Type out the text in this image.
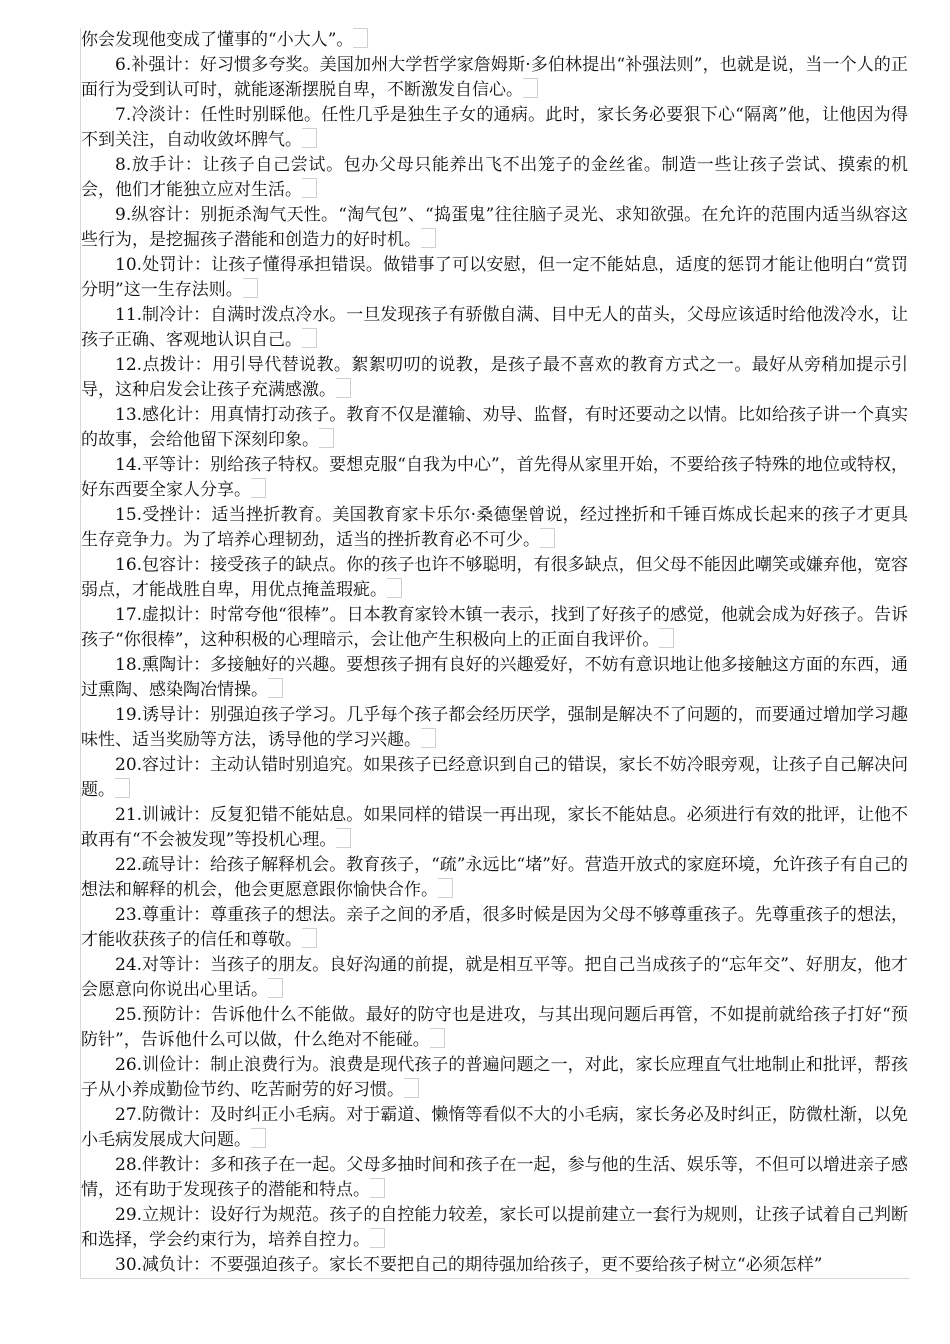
你会发现他变成了懂事的“小大人”。

6.补强计：好习惯多夸奖。美国加州大学哲学家詹姆斯·多伯林提出“补强法则”，也就是说，当一个人的正面行为受到认可时，就能逐渐摆脱自卑，不断激发自信心。

7.冷淡计：任性时别睬他。任性几乎是独生子女的通病。此时，家长务必要狠下心“隔离”他，让他因为得不到关注，自动收敛坏脾气。

8.放手计：让孩子自己尝试。包办父母只能养出飞不出笼子的金丝雀。制造一些让孩子尝试、摸索的机会，他们才能独立应对生活。

9.纵容计：别扼杀淘气天性。“淘气包”、“捣蛋鬼”往往脑子灵光、求知欲强。在允许的范围内适当纵容这些行为，是挖掘孩子潜能和创造力的好时机。

10.处罚计：让孩子懂得承担错误。做错事了可以安慰，但一定不能姑息，适度的惩罚才能让他明白“赏罚分明”这一生存法则。

11.制冷计：自满时泼点冷水。一旦发现孩子有骄傲自满、目中无人的苗头，父母应该适时给他泼冷水，让孩子正确、客观地认识自己。

12.点拨计：用引导代替说教。絮絮叨叨的说教，是孩子最不喜欢的教育方式之一。最好从旁稍加提示引导，这种启发会让孩子充满感激。

13.感化计：用真情打动孩子。教育不仅是灌输、劝导、监督，有时还要动之以情。比如给孩子讲一个真实的故事，会给他留下深刻印象。

14.平等计：别给孩子特权。要想克服“自我为中心”，首先得从家里开始，不要给孩子特殊的地位或特权，好东西要全家人分享。

15.受挫计：适当挫折教育。美国教育家卡乐尔·桑德堡曾说，经过挫折和千锤百炼成长起来的孩子才更具生存竞争力。为了培养心理韧劲，适当的挫折教育必不可少。

16.包容计：接受孩子的缺点。你的孩子也许不够聪明，有很多缺点，但父母不能因此嘲笑或嫌弃他，宽容弱点，才能战胜自卑，用优点掩盖瑕疵。

17.虚拟计：时常夸他“很棒”。日本教育家铃木镇一表示，找到了好孩子的感觉，他就会成为好孩子。告诉孩子“你很棒”，这种积极的心理暗示，会让他产生积极向上的正面自我评价。

18.熏陶计：多接触好的兴趣。要想孩子拥有良好的兴趣爱好，不妨有意识地让他多接触这方面的东西，通过熏陶、感染陶冶情操。

19.诱导计：别强迫孩子学习。几乎每个孩子都会经历厌学，强制是解决不了问题的，而要通过增加学习趣味性、适当奖励等方法，诱导他的学习兴趣。

20.容过计：主动认错时别追究。如果孩子已经意识到自己的错误，家长不妨冷眼旁观，让孩子自己解决问题。

21.训诫计：反复犯错不能姑息。如果同样的错误一再出现，家长不能姑息。必须进行有效的批评，让他不敢再有“不会被发现”等投机心理。

22.疏导计：给孩子解释机会。教育孩子，“疏”永远比“堵”好。营造开放式的家庭环境，允许孩子有自己的想法和解释的机会，他会更愿意跟你愉快合作。

23.尊重计：尊重孩子的想法。亲子之间的矛盾，很多时候是因为父母不够尊重孩子。先尊重孩子的想法，才能收获孩子的信任和尊敬。

24.对等计：当孩子的朋友。良好沟通的前提，就是相互平等。把自己当成孩子的“忘年交”、好朋友，他才会愿意向你说出心里话。

25.预防计：告诉他什么不能做。最好的防守也是进攻，与其出现问题后再管，不如提前就给孩子打好“预防针”，告诉他什么可以做，什么绝对不能碰。

26.训俭计：制止浪费行为。浪费是现代孩子的普遍问题之一，对此，家长应理直气壮地制止和批评，帮孩子从小养成勤俭节约、吃苦耐劳的好习惯。

27.防微计：及时纠正小毛病。对于霸道、懒惰等看似不大的小毛病，家长务必及时纠正，防微杜渐，以免小毛病发展成大问题。

28.伴教计：多和孩子在一起。父母多抽时间和孩子在一起，参与他的生活、娱乐等，不但可以增进亲子感情，还有助于发现孩子的潜能和特点。

29.立规计：设好行为规范。孩子的自控能力较差，家长可以提前建立一套行为规则，让孩子试着自己判断和选择，学会约束行为，培养自控力。

30.减负计：不要强迫孩子。家长不要把自己的期待强加给孩子，更不要给孩子树立“必须怎样”
